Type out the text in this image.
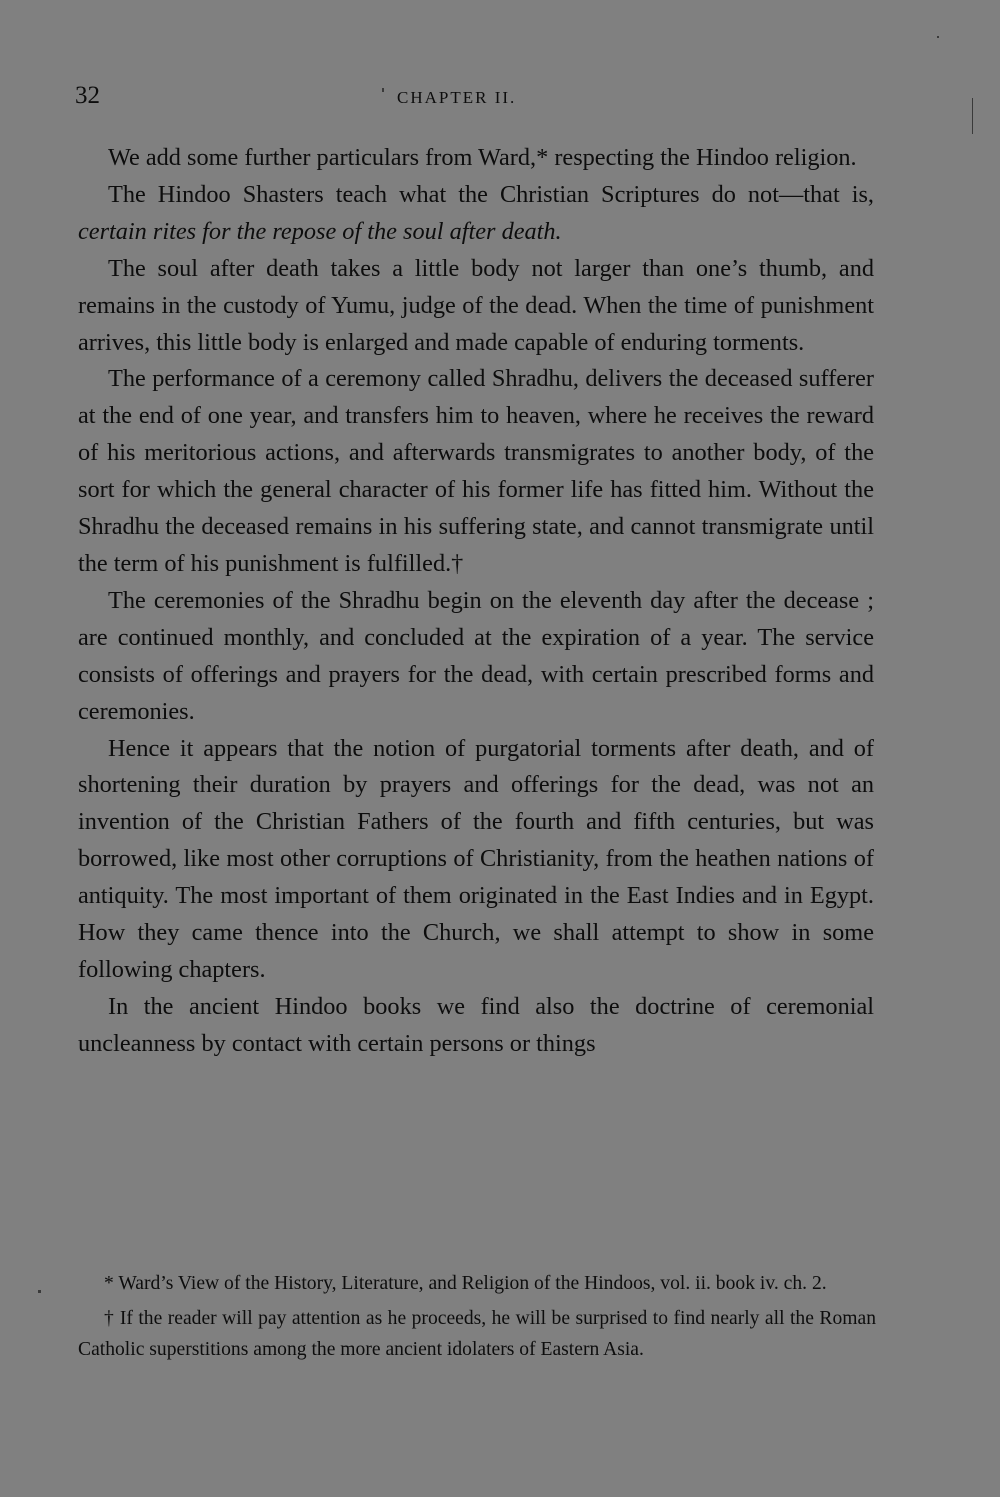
32	CHAPTER II.

We add some further particulars from Ward,* respecting the Hindoo religion.

The Hindoo Shasters teach what the Christian Scriptures do not—that is, certain rites for the repose of the soul after death.

The soul after death takes a little body not larger than one’s thumb, and remains in the custody of Yumu, judge of the dead. When the time of punishment arrives, this little body is enlarged and made capable of enduring torments.

The performance of a ceremony called Shradhu, delivers the deceased sufferer at the end of one year, and transfers him to heaven, where he receives the reward of his meritorious actions, and afterwards transmigrates to another body, of the sort for which the general character of his former life has fitted him. Without the Shradhu the deceased remains in his suffering state, and cannot transmigrate until the term of his punishment is fulfilled.†

The ceremonies of the Shradhu begin on the eleventh day after the decease ; are continued monthly, and concluded at the expiration of a year. The service consists of offerings and prayers for the dead, with certain prescribed forms and ceremonies.

Hence it appears that the notion of purgatorial torments after death, and of shortening their duration by prayers and offerings for the dead, was not an invention of the Christian Fathers of the fourth and fifth centuries, but was borrowed, like most other corruptions of Christianity, from the heathen nations of antiquity. The most important of them originated in the East Indies and in Egypt. How they came thence into the Church, we shall attempt to show in some following chapters.

In the ancient Hindoo books we find also the doctrine of ceremonial uncleanness by contact with certain persons or things

* Ward’s View of the History, Literature, and Religion of the Hindoos, vol. ii. book iv. ch. 2.

† If the reader will pay attention as he proceeds, he will be surprised to find nearly all the Roman Catholic superstitions among the more ancient idolaters of Eastern Asia.
